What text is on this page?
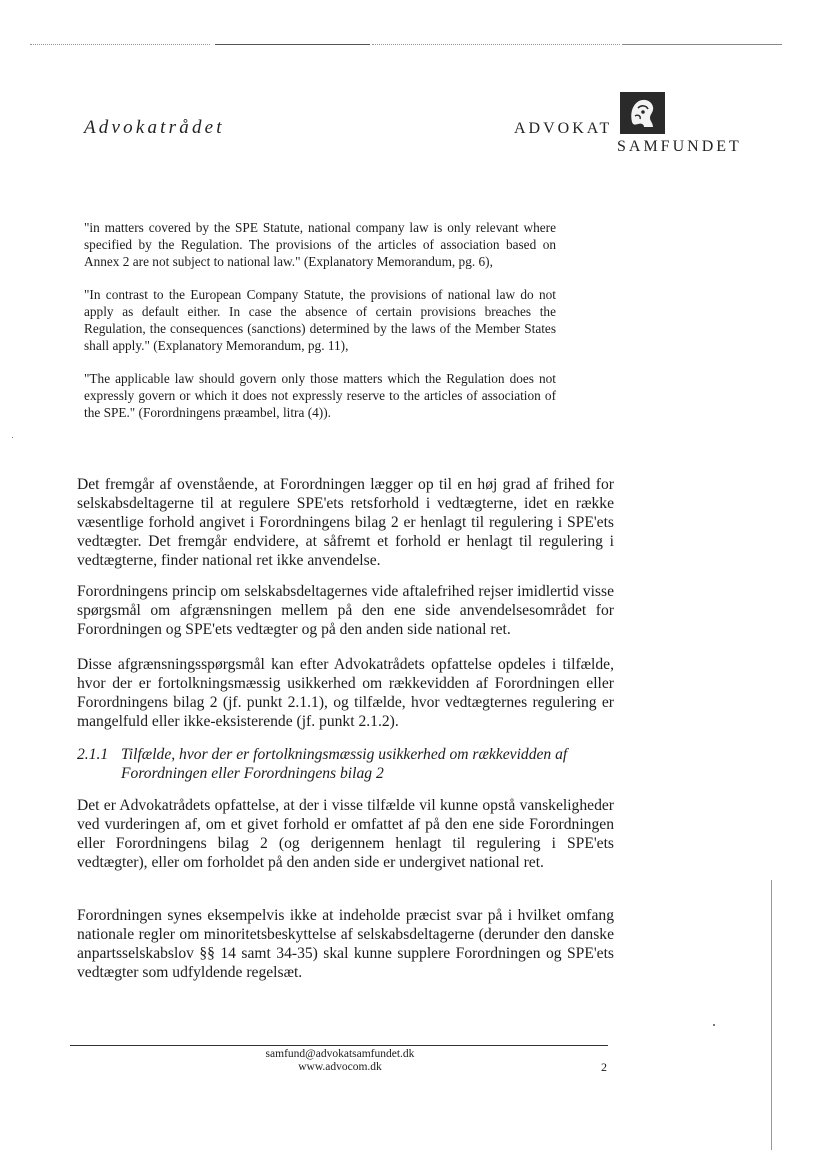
Advokatrådet	ADVOKAT
SAMFUNDET

"in matters covered by the SPE Statute, national company law is only relevant where specified by the Regulation. The provisions of the articles of association based on Annex 2 are not subject to national law." (Explanatory Memorandum, pg. 6),

"In contrast to the European Company Statute, the provisions of national law do not apply as default either. In case the absence of certain provisions breaches the Regulation, the consequences (sanctions) determined by the laws of the Member States shall apply." (Explanatory Memorandum, pg. 11),

"The applicable law should govern only those matters which the Regulation does not expressly govern or which it does not expressly reserve to the articles of association of the SPE." (Forordningens præambel, litra (4)).

Det fremgår af ovenstående, at Forordningen lægger op til en høj grad af frihed for selskabsdeltagerne til at regulere SPE'ets retsforhold i vedtægterne, idet en række væsentlige forhold angivet i Forordningens bilag 2 er henlagt til regulering i SPE'ets vedtægter. Det fremgår endvidere, at såfremt et forhold er henlagt til regulering i vedtægterne, finder national ret ikke anvendelse.

Forordningens princip om selskabsdeltagernes vide aftalefrihed rejser imidlertid visse spørgsmål om afgrænsningen mellem på den ene side anvendelsesområdet for Forordningen og SPE'ets vedtægter og på den anden side national ret.

Disse afgrænsningsspørgsmål kan efter Advokatrådets opfattelse opdeles i tilfælde, hvor der er fortolkningsmæssig usikkerhed om rækkevidden af Forordningen eller Forordningens bilag 2 (jf. punkt 2.1.1), og tilfælde, hvor vedtægternes regulering er mangelfuld eller ikke-eksisterende (jf. punkt 2.1.2).

2.1.1 Tilfælde, hvor der er fortolkningsmæssig usikkerhed om rækkevidden af
Forordningen eller Forordningens bilag 2

Det er Advokatrådets opfattelse, at der i visse tilfælde vil kunne opstå vanskeligheder ved vurderingen af, om et givet forhold er omfattet af på den ene side Forordningen eller Forordningens bilag 2 (og derigennem henlagt til regulering i SPE'ets vedtægter), eller om forholdet på den anden side er undergivet national ret.

Forordningen synes eksempelvis ikke at indeholde præcist svar på i hvilket omfang nationale regler om minoritetsbeskyttelse af selskabsdeltagerne (derunder den danske anpartsselskabslov §§ 14 samt 34-35) skal kunne supplere Forordningen og SPE'ets vedtægter som udfyldende regelsæt.

samfund@advokatsamfundet.dk
www.advocom.dk	2
